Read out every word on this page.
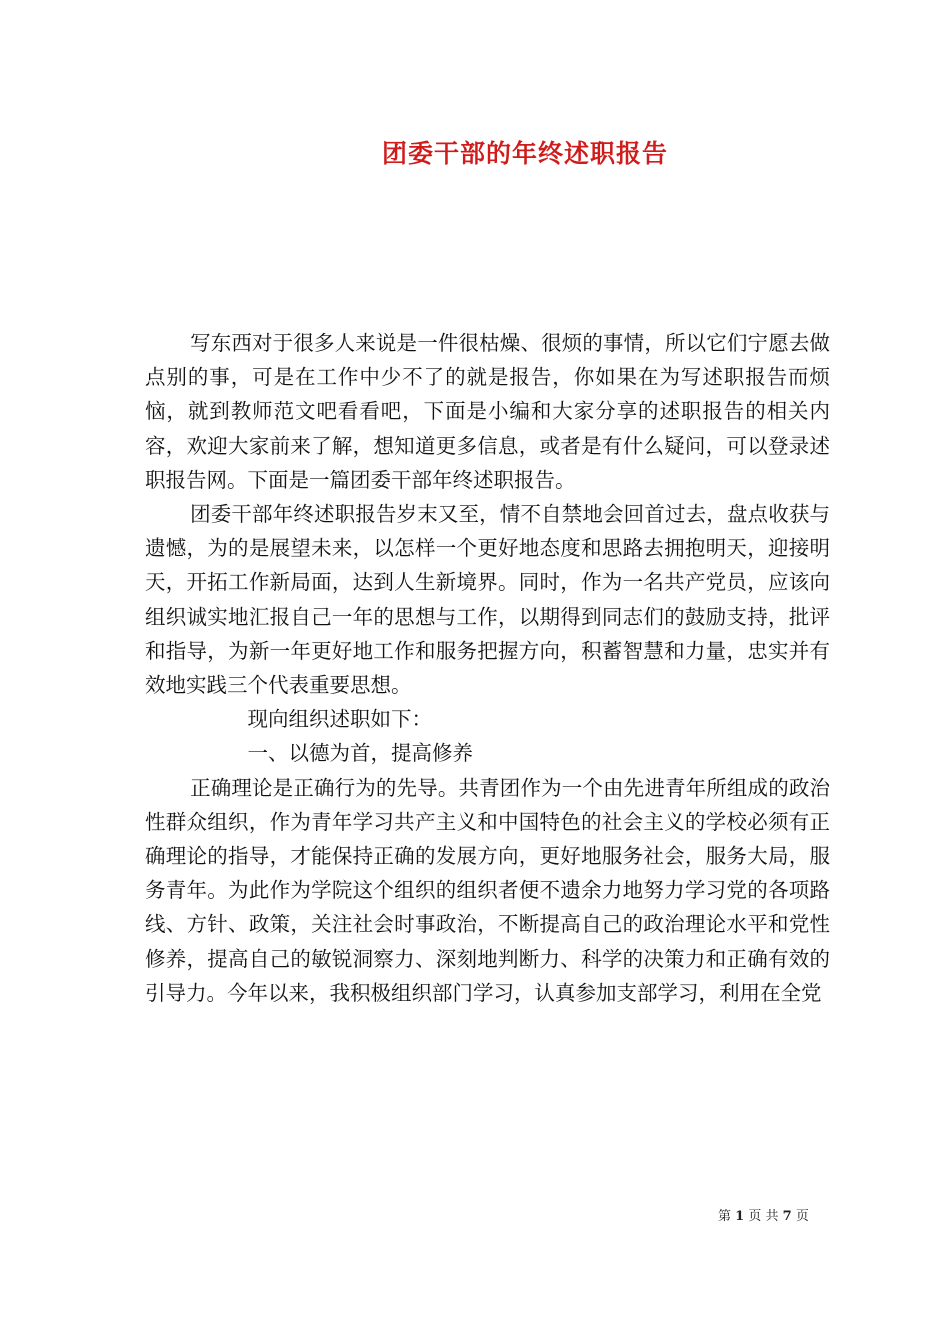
团委干部的年终述职报告

写东西对于很多人来说是一件很枯燥、很烦的事情，所以它们宁愿去做点别的事，可是在工作中少不了的就是报告，你如果在为写述职报告而烦恼，就到教师范文吧看看吧，下面是小编和大家分享的述职报告的相关内容，欢迎大家前来了解，想知道更多信息，或者是有什么疑问，可以登录述职报告网。下面是一篇团委干部年终述职报告。

团委干部年终述职报告岁末又至，情不自禁地会回首过去，盘点收获与遗憾，为的是展望未来，以怎样一个更好地态度和思路去拥抱明天，迎接明天，开拓工作新局面，达到人生新境界。同时，作为一名共产党员，应该向组织诚实地汇报自己一年的思想与工作，以期得到同志们的鼓励支持，批评和指导，为新一年更好地工作和服务把握方向，积蓄智慧和力量，忠实并有效地实践三个代表重要思想。

现向组织述职如下：

一、以德为首，提高修养

正确理论是正确行为的先导。共青团作为一个由先进青年所组成的政治性群众组织，作为青年学习共产主义和中国特色的社会主义的学校必须有正确理论的指导，才能保持正确的发展方向，更好地服务社会，服务大局，服务青年。为此作为学院这个组织的组织者便不遗余力地努力学习党的各项路线、方针、政策，关注社会时事政治，不断提高自己的政治理论水平和党性修养，提高自己的敏锐洞察力、深刻地判断力、科学的决策力和正确有效的引导力。今年以来，我积极组织部门学习，认真参加支部学习，利用在全党

第 1 页 共 7 页
